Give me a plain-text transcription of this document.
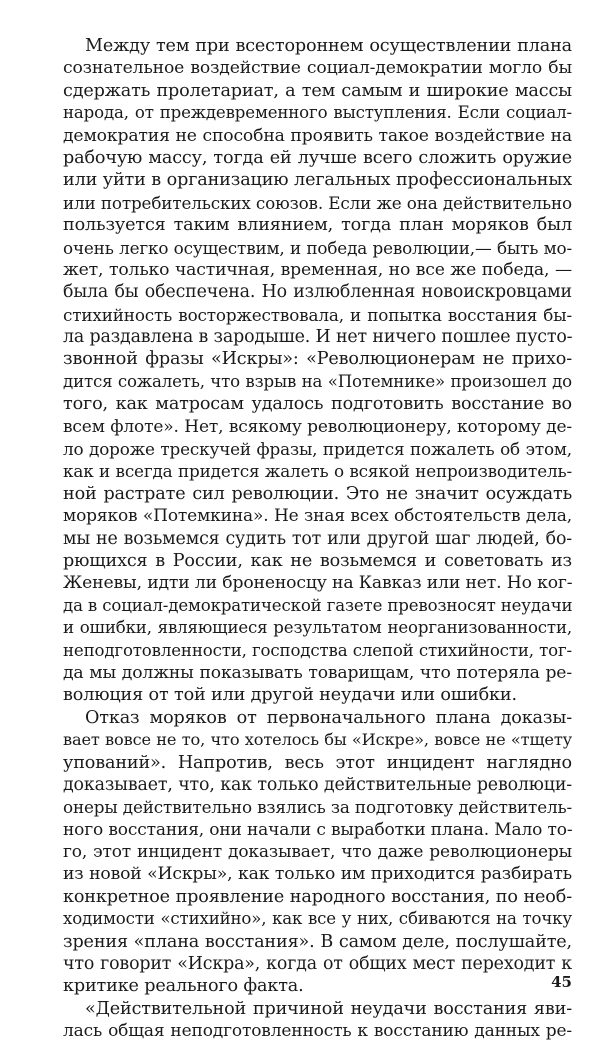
Между тем при всестороннем осуществлении плана
сознательное воздействие социал-демократии могло бы
сдержать пролетариат, а тем самым и широкие массы
народа, от преждевременного выступления. Если социал-
демократия не способна проявить такое воздействие на
рабочую массу, тогда ей лучше всего сложить оружие
или уйти в организацию легальных профессиональных
или потребительских союзов. Если же она действительно
пользуется таким влиянием, тогда план моряков был
очень легко осуществим, и победа революции,— быть мо-
жет, только частичная, временная, но все же победа, —
была бы обеспечена. Но излюбленная новоискровцами
стихийность восторжествовала, и попытка восстания бы-
ла раздавлена в зародыше. И нет ничего пошлее пусто-
звонной фразы «Искры»: «Революционерам не прихо-
дится сожалеть, что взрыв на «Потемнике» произошел до
того, как матросам удалось подготовить восстание во
всем флоте». Нет, всякому революционеру, которому де-
ло дороже трескучей фразы, придется пожалеть об этом,
как и всегда придется жалеть о всякой непроизводитель-
ной растрате сил революции. Это не значит осуждать
моряков «Потемкина». Не зная всех обстоятельств дела,
мы не возьмемся судить тот или другой шаг людей, бо-
рющихся в России, как не возьмемся и советовать из
Женевы, идти ли броненосцу на Кавказ или нет. Но ког-
да в социал-демократической газете превозносят неудачи
и ошибки, являющиеся результатом неорганизованности,
неподготовленности, господства слепой стихийности, тог-
да мы должны показывать товарищам, что потеряла ре-
волюция от той или другой неудачи или ошибки.
Отказ моряков от первоначального плана доказы-
вает вовсе не то, что хотелось бы «Искре», вовсе не «тщету
упований». Напротив, весь этот инцидент наглядно
доказывает, что, как только действительные революци-
онеры действительно взялись за подготовку действитель-
ного восстания, они начали с выработки плана. Мало то-
го, этот инцидент доказывает, что даже революционеры
из новой «Искры», как только им приходится разбирать
конкретное проявление народного восстания, по необ-
ходимости «стихийно», как все у них, сбиваются на точку
зрения «плана восстания». В самом деле, послушайте,
что говорит «Искра», когда от общих мест переходит к
критике реального факта.
«Действительной причиной неудачи восстания яви-
лась общая неподготовленность к восстанию данных ре-
45
